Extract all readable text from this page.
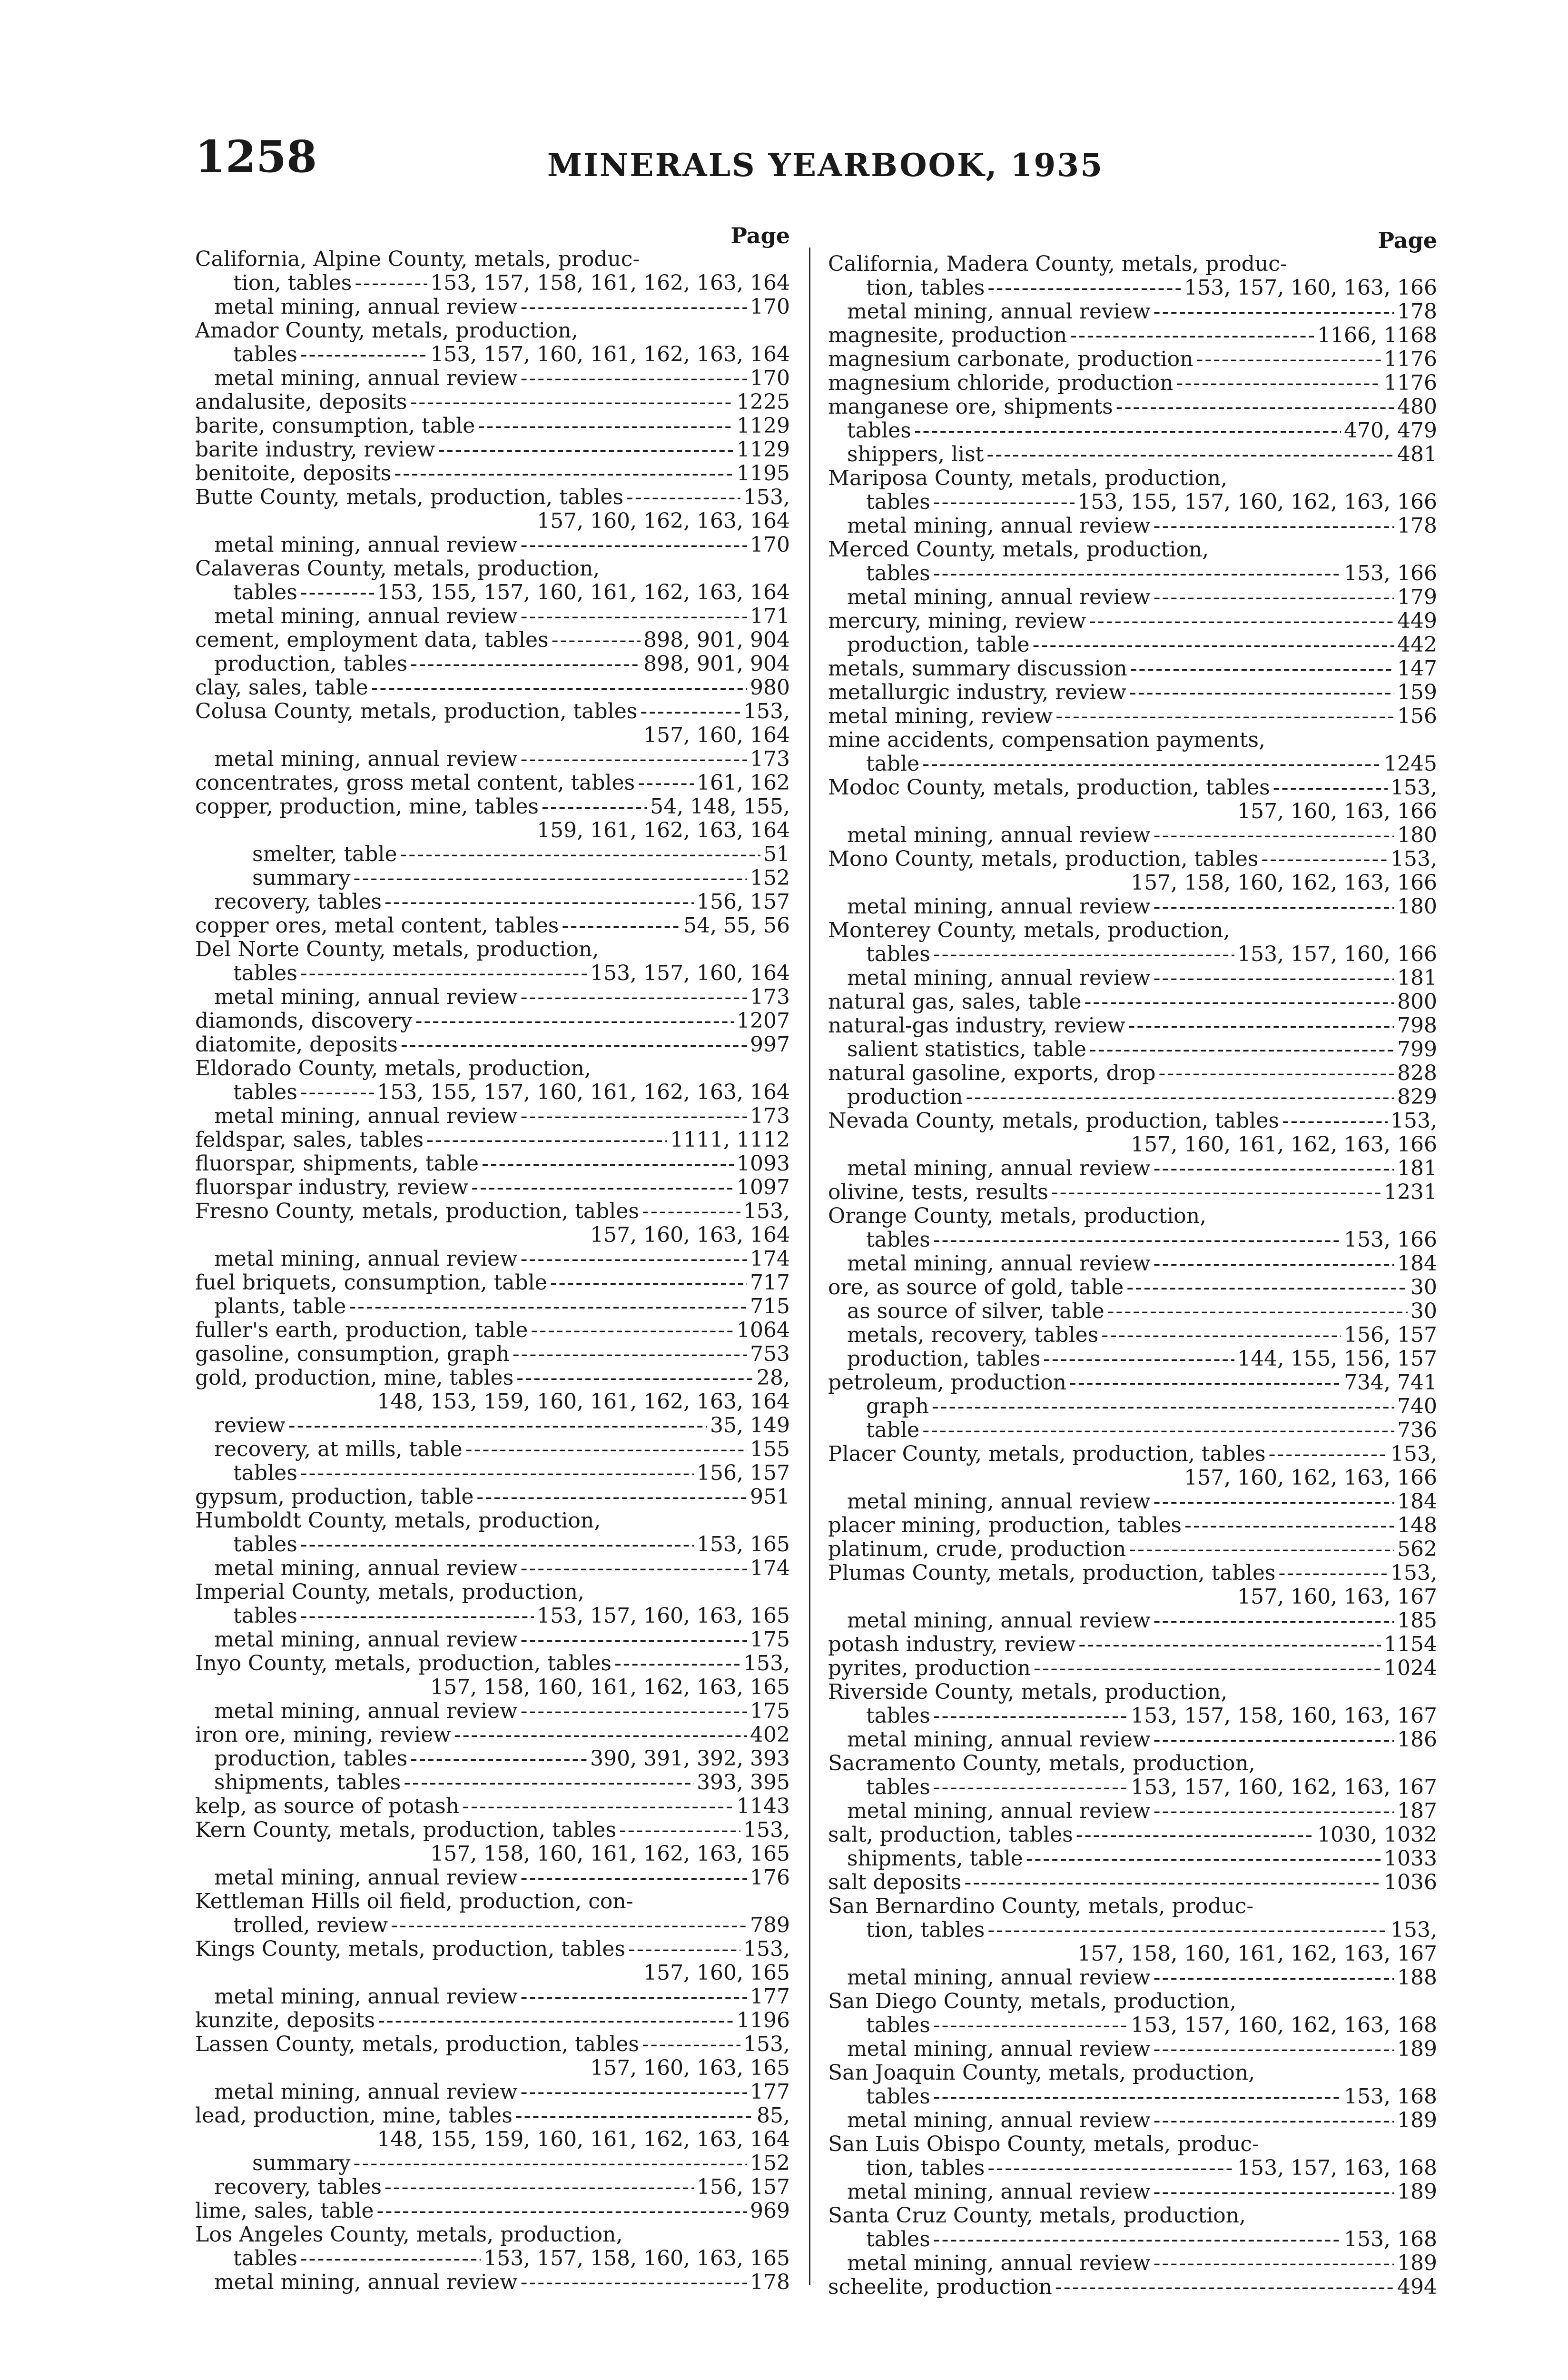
1258	MINERALS YEARBOOK, 1935
Page
California, Alpine County, metals, produc-
tion, tables -----	153, 157, 158, 161, 162, 163, 164
metal mining, annual review -----	170
Amador County, metals, production,
tables -----	153, 157, 160, 161, 162, 163, 164
metal mining, annual review -----	170
andalusite, deposits -----	1225
barite, consumption, table -----	1129
barite industry, review -----	1129
benitoite, deposits -----	1195
Butte County, metals, production, tables -----	153,
157, 160, 162, 163, 164
metal mining, annual review -----	170
Calaveras County, metals, production,
tables -----	153, 155, 157, 160, 161, 162, 163, 164
metal mining, annual review -----	171
cement, employment data, tables -----	898, 901, 904
production, tables -----	898, 901, 904
clay, sales, table -----	980
Colusa County, metals, production, tables -----	153,
157, 160, 164
metal mining, annual review -----	173
concentrates, gross metal content, tables -----	161, 162
copper, production, mine, tables -----	54, 148, 155,
159, 161, 162, 163, 164
smelter, table -----	51
summary -----	152
recovery, tables -----	156, 157
copper ores, metal content, tables -----	54, 55, 56
Del Norte County, metals, production,
tables -----	153, 157, 160, 164
metal mining, annual review -----	173
diamonds, discovery -----	1207
diatomite, deposits -----	997
Eldorado County, metals, production,
tables -----	153, 155, 157, 160, 161, 162, 163, 164
metal mining, annual review -----	173
feldspar, sales, tables -----	1111, 1112
fluorspar, shipments, table -----	1093
fluorspar industry, review -----	1097
Fresno County, metals, production, tables -----	153,
157, 160, 163, 164
metal mining, annual review -----	174
fuel briquets, consumption, table -----	717
plants, table -----	715
fuller's earth, production, table -----	1064
gasoline, consumption, graph -----	753
gold, production, mine, tables -----	28,
148, 153, 159, 160, 161, 162, 163, 164
review -----	35, 149
recovery, at mills, table -----	155
tables -----	156, 157
gypsum, production, table -----	951
Humboldt County, metals, production,
tables -----	153, 165
metal mining, annual review -----	174
Imperial County, metals, production,
tables -----	153, 157, 160, 163, 165
metal mining, annual review -----	175
Inyo County, metals, production, tables -----	153,
157, 158, 160, 161, 162, 163, 165
metal mining, annual review -----	175
iron ore, mining, review -----	402
production, tables -----	390, 391, 392, 393
shipments, tables -----	393, 395
kelp, as source of potash -----	1143
Kern County, metals, production, tables -----	153,
157, 158, 160, 161, 162, 163, 165
metal mining, annual review -----	176
Kettleman Hills oil field, production, con-
trolled, review -----	789
Kings County, metals, production, tables -----	153,
157, 160, 165
metal mining, annual review -----	177
kunzite, deposits -----	1196
Lassen County, metals, production, tables -----	153,
157, 160, 163, 165
metal mining, annual review -----	177
lead, production, mine, tables -----	85,
148, 155, 159, 160, 161, 162, 163, 164
summary -----	152
recovery, tables -----	156, 157
lime, sales, table -----	969
Los Angeles County, metals, production,
tables -----	153, 157, 158, 160, 163, 165
metal mining, annual review -----	178
Page
California, Madera County, metals, produc-
tion, tables -----	153, 157, 160, 163, 166
metal mining, annual review -----	178
magnesite, production -----	1166, 1168
magnesium carbonate, production -----	1176
magnesium chloride, production -----	1176
manganese ore, shipments -----	480
tables -----	470, 479
shippers, list -----	481
Mariposa County, metals, production,
tables -----	153, 155, 157, 160, 162, 163, 166
metal mining, annual review -----	178
Merced County, metals, production,
tables -----	153, 166
metal mining, annual review -----	179
mercury, mining, review -----	449
production, table -----	442
metals, summary discussion -----	147
metallurgic industry, review -----	159
metal mining, review -----	156
mine accidents, compensation payments,
table -----	1245
Modoc County, metals, production, tables -----	153,
157, 160, 163, 166
metal mining, annual review -----	180
Mono County, metals, production, tables -----	153,
157, 158, 160, 162, 163, 166
metal mining, annual review -----	180
Monterey County, metals, production,
tables -----	153, 157, 160, 166
metal mining, annual review -----	181
natural gas, sales, table -----	800
natural-gas industry, review -----	798
salient statistics, table -----	799
natural gasoline, exports, drop -----	828
production -----	829
Nevada County, metals, production, tables -----	153,
157, 160, 161, 162, 163, 166
metal mining, annual review -----	181
olivine, tests, results -----	1231
Orange County, metals, production,
tables -----	153, 166
metal mining, annual review -----	184
ore, as source of gold, table -----	30
as source of silver, table -----	30
metals, recovery, tables -----	156, 157
production, tables -----	144, 155, 156, 157
petroleum, production -----	734, 741
graph -----	740
table -----	736
Placer County, metals, production, tables -----	153,
157, 160, 162, 163, 166
metal mining, annual review -----	184
placer mining, production, tables -----	148
platinum, crude, production -----	562
Plumas County, metals, production, tables -----	153,
157, 160, 163, 167
metal mining, annual review -----	185
potash industry, review -----	1154
pyrites, production -----	1024
Riverside County, metals, production,
tables -----	153, 157, 158, 160, 163, 167
metal mining, annual review -----	186
Sacramento County, metals, production,
tables -----	153, 157, 160, 162, 163, 167
metal mining, annual review -----	187
salt, production, tables -----	1030, 1032
shipments, table -----	1033
salt deposits -----	1036
San Bernardino County, metals, produc-
tion, tables -----	153,
157, 158, 160, 161, 162, 163, 167
metal mining, annual review -----	188
San Diego County, metals, production,
tables -----	153, 157, 160, 162, 163, 168
metal mining, annual review -----	189
San Joaquin County, metals, production,
tables -----	153, 168
metal mining, annual review -----	189
San Luis Obispo County, metals, produc-
tion, tables -----	153, 157, 163, 168
metal mining, annual review -----	189
Santa Cruz County, metals, production,
tables -----	153, 168
metal mining, annual review -----	189
scheelite, production -----	494
